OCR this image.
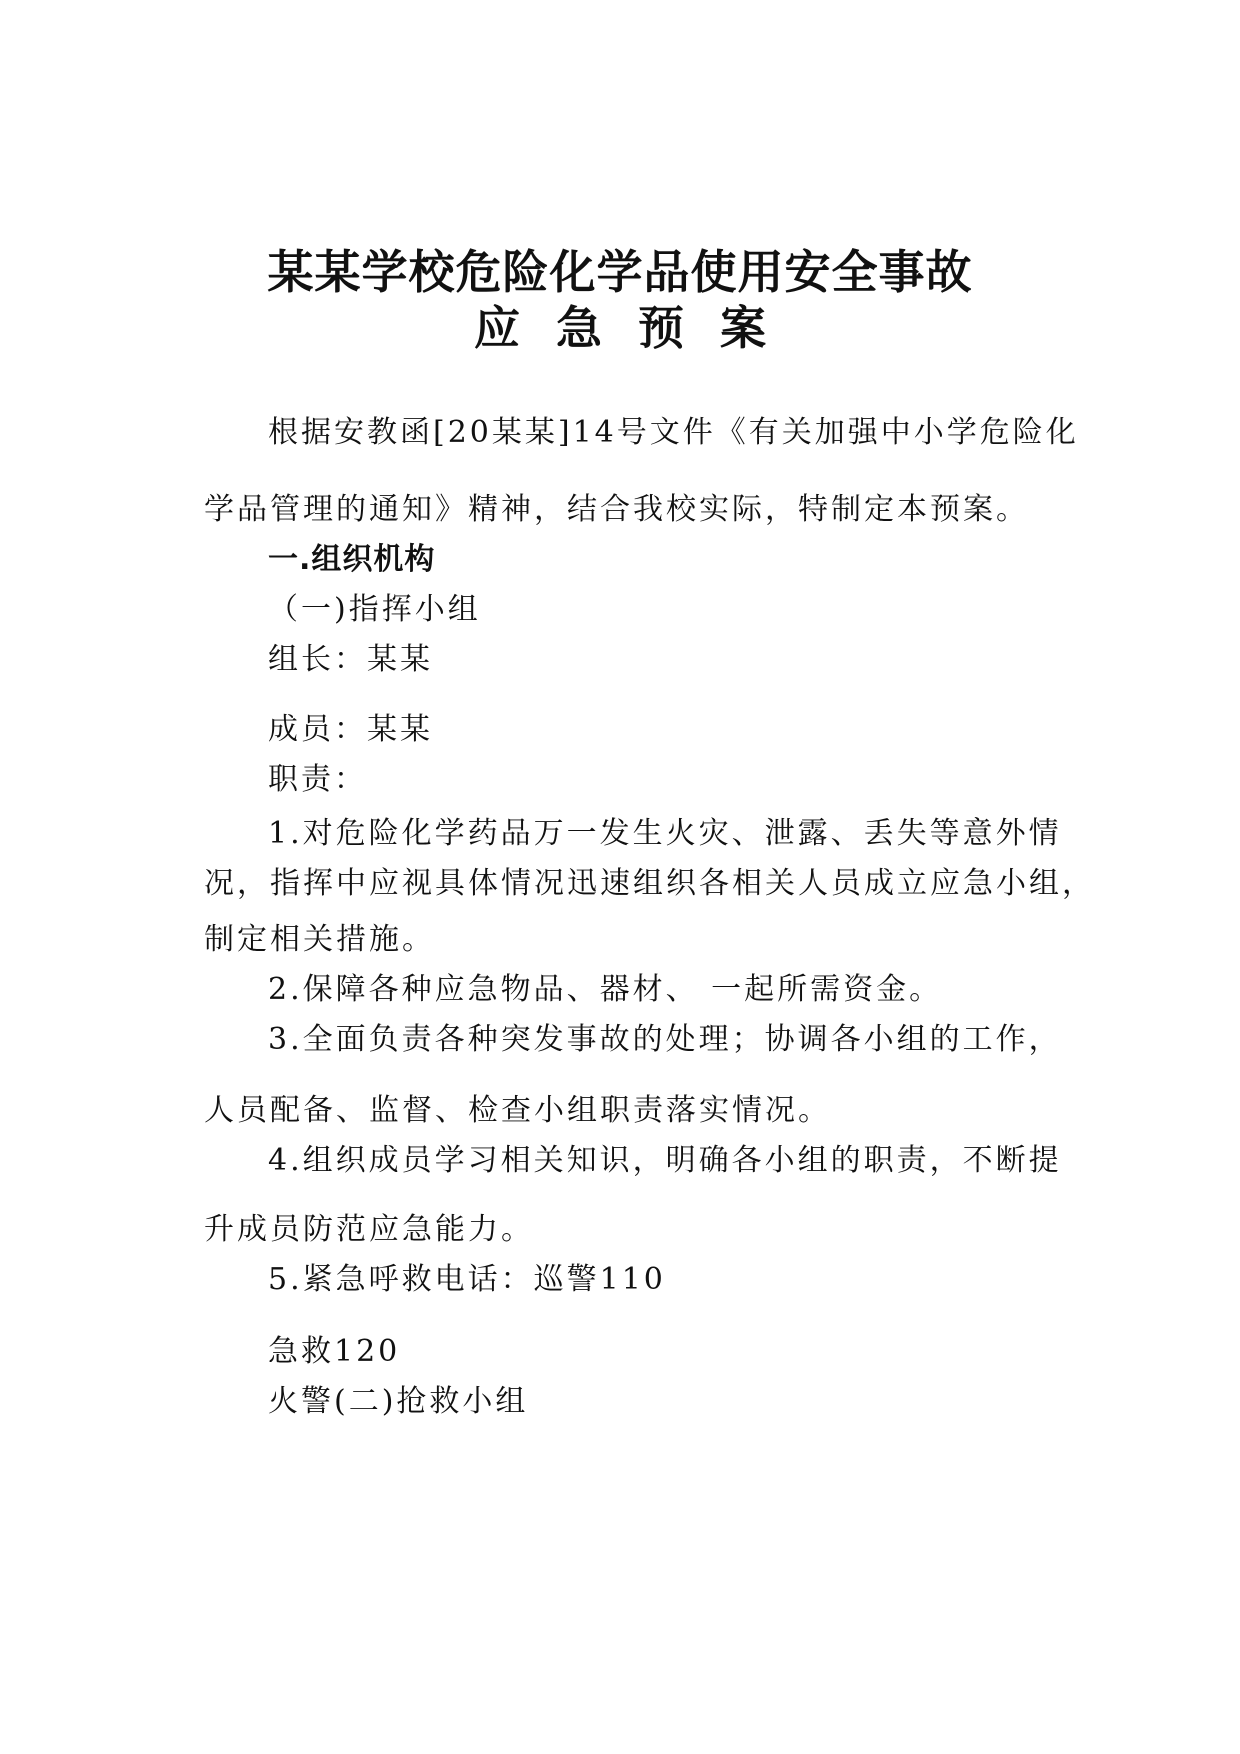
某某学校危险化学品使用安全事故
应急预案
根据安教函[20某某]14号文件《有关加强中小学危险化
学品管理的通知》精神，结合我校实际，特制定本预案。
一.组织机构
（一)指挥小组
组长：某某
成员：某某
职责：
1.对危险化学药品万一发生火灾、泄露、丢失等意外情
况，指挥中应视具体情况迅速组织各相关人员成立应急小组，
制定相关措施。
2.保障各种应急物品、器材、 一起所需资金。
3.全面负责各种突发事故的处理；协调各小组的工作，
人员配备、监督、检查小组职责落实情况。
4.组织成员学习相关知识，明确各小组的职责，不断提
升成员防范应急能力。
5.紧急呼救电话：巡警110
急救120
火警(二)抢救小组
